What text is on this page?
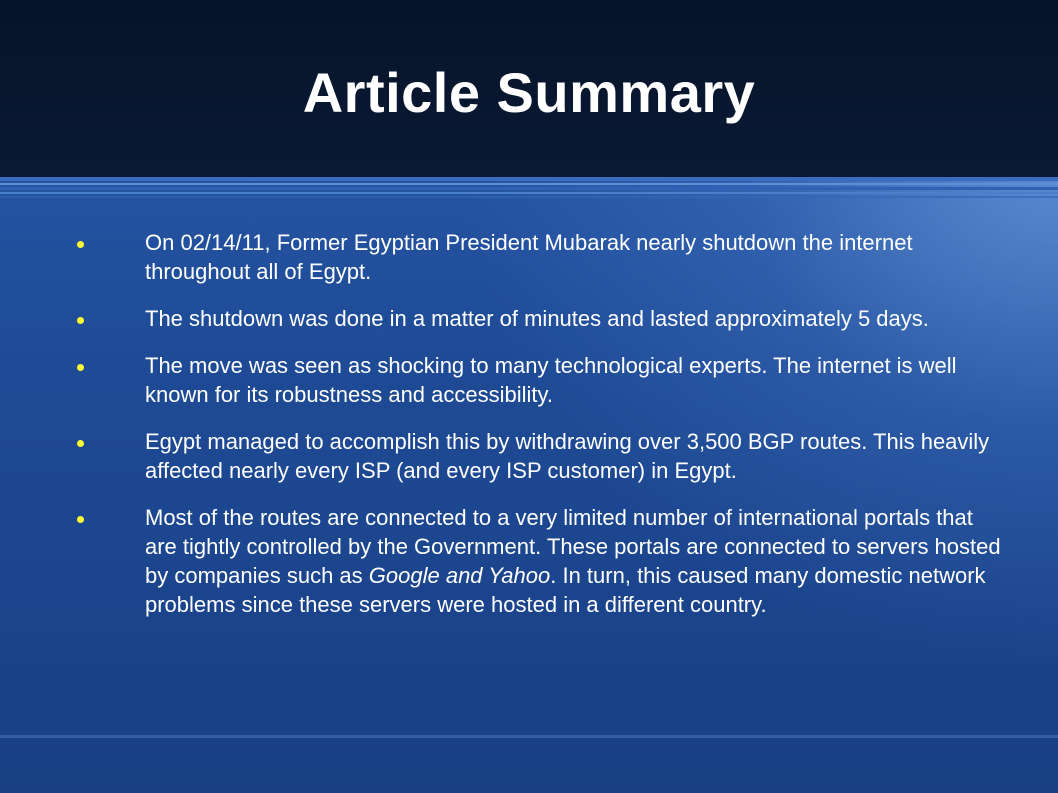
Article Summary
On 02/14/11, Former Egyptian President Mubarak nearly shutdown the internet throughout all of Egypt.
The shutdown was done in a matter of minutes and lasted approximately 5 days.
The move was seen as shocking to many technological experts. The internet is well known for its robustness and accessibility.
Egypt managed to accomplish this by withdrawing over 3,500 BGP routes. This heavily affected nearly every ISP (and every ISP customer) in Egypt.
Most of the routes are connected to a very limited number of international portals that are tightly controlled by the Government. These portals are connected to servers hosted by companies such as Google and Yahoo. In turn, this caused many domestic network problems since these servers were hosted in a different country.
